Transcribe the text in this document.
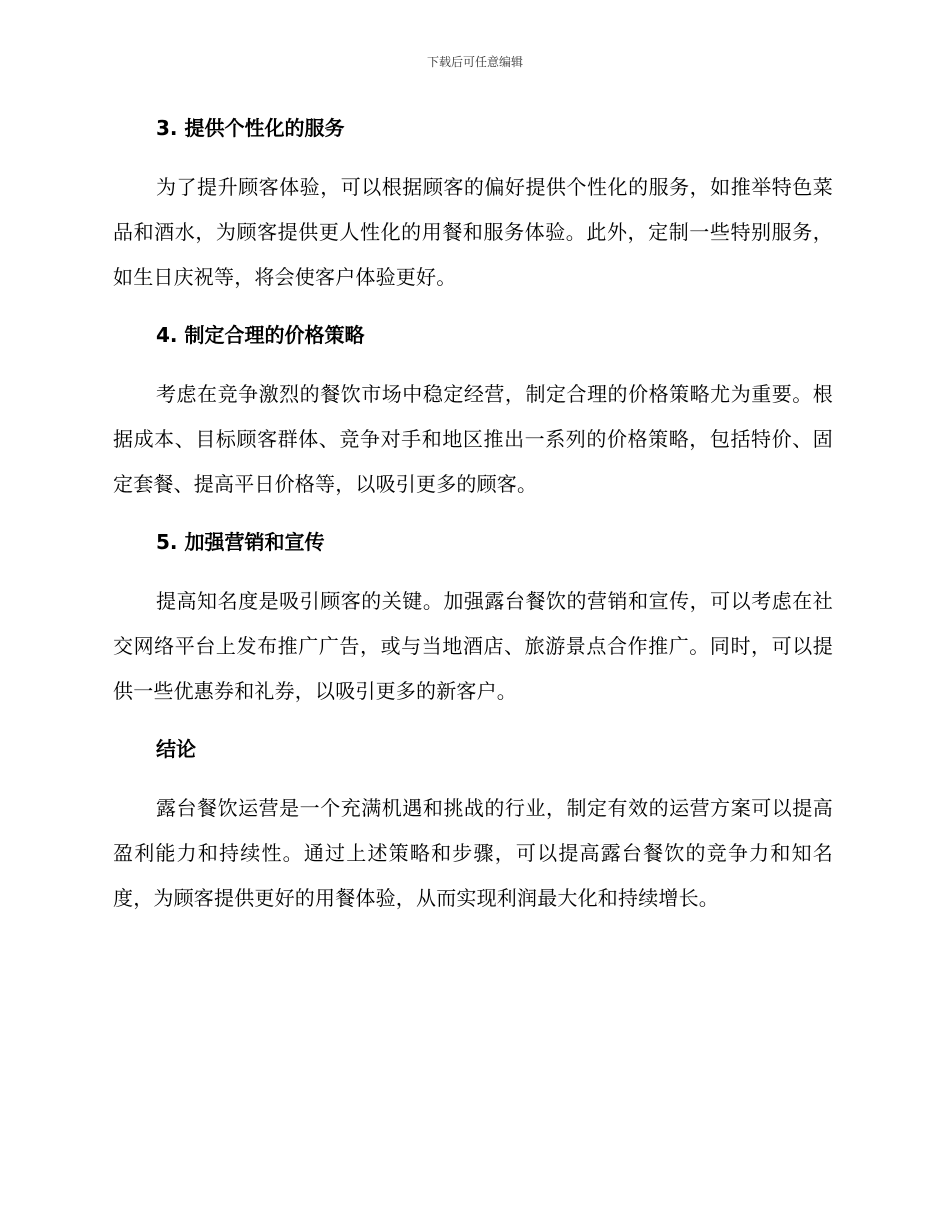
下载后可任意编辑
3. 提供个性化的服务
为了提升顾客体验，可以根据顾客的偏好提供个性化的服务，如推举特色菜品和酒水，为顾客提供更人性化的用餐和服务体验。此外，定制一些特别服务，如生日庆祝等，将会使客户体验更好。
4. 制定合理的价格策略
考虑在竞争激烈的餐饮市场中稳定经营，制定合理的价格策略尤为重要。根据成本、目标顾客群体、竞争对手和地区推出一系列的价格策略，包括特价、固定套餐、提高平日价格等，以吸引更多的顾客。
5. 加强营销和宣传
提高知名度是吸引顾客的关键。加强露台餐饮的营销和宣传，可以考虑在社交网络平台上发布推广广告，或与当地酒店、旅游景点合作推广。同时，可以提供一些优惠券和礼券，以吸引更多的新客户。
结论
露台餐饮运营是一个充满机遇和挑战的行业，制定有效的运营方案可以提高盈利能力和持续性。通过上述策略和步骤，可以提高露台餐饮的竞争力和知名度，为顾客提供更好的用餐体验，从而实现利润最大化和持续增长。
